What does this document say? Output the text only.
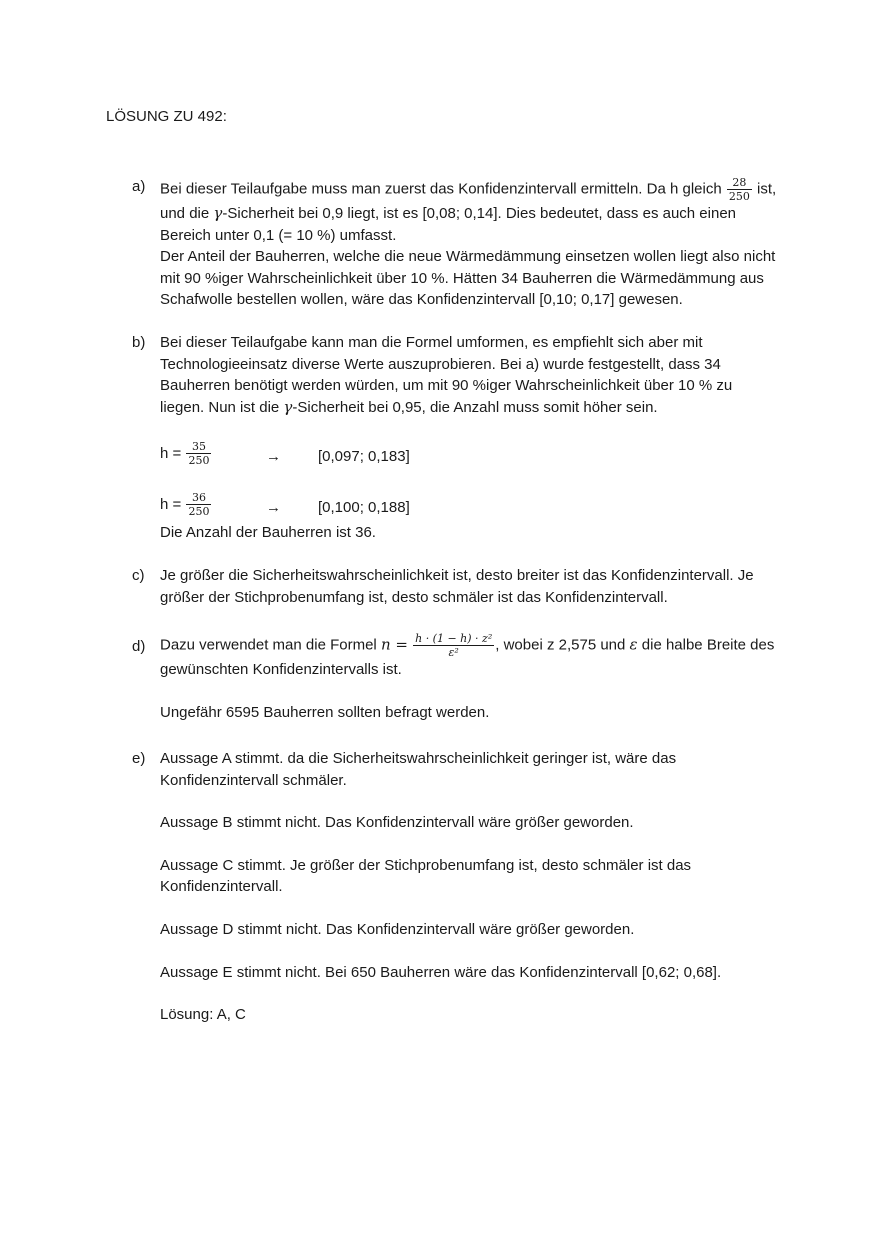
LÖSUNG ZU 492:
a) Bei dieser Teilaufgabe muss man zuerst das Konfidenzintervall ermitteln. Da h gleich $\frac{28}{250}$ ist,

und die γ-Sicherheit bei 0,9 liegt, ist es [0,08; 0,14]. Dies bedeutet, dass es auch einen

Bereich unter 0,1 (= 10 %) umfasst.

Der Anteil der Bauherren, welche die neue Wärmedämmung einsetzen wollen liegt also nicht

mit 90 %iger Wahrscheinlichkeit über 10 %. Hätten 34 Bauherren die Wärmedämmung aus

Schafwolle bestellen wollen, wäre das Konfidenzintervall [0,10; 0,17] gewesen.

b) Bei dieser Teilaufgabe kann man die Formel umformen, es empfiehlt sich aber mit

Technologieeinsatz diverse Werte auszuprobieren. Bei a) wurde festgestellt, dass 34

Bauherren benötigt werden würden, um mit 90 %iger Wahrscheinlichkeit über 10 % zu

liegen. Nun ist die γ-Sicherheit bei 0,95, die Anzahl muss somit höher sein.

$h = \frac{35}{250}$	→ [0,097; 0,183]
$h = \frac{36}{250}$	→ [0,100; 0,188]

Die Anzahl der Bauherren ist 36.

c) Je größer die Sicherheitswahrscheinlichkeit ist, desto breiter ist das Konfidenzintervall. Je

größer der Stichprobenumfang ist, desto schmäler ist das Konfidenzintervall.

d) Dazu verwendet man die Formel $n = \frac{\text{h · (1 − h) · z²}}{\text{ε²}}$ , wobei z 2,575 und ε die halbe Breite des

gewünschten Konfidenzintervalls ist.

Ungefähr 6595 Bauherren sollten befragt werden.

e) Aussage A stimmt. da die Sicherheitswahrscheinlichkeit geringer ist, wäre das

Konfidenzintervall schmäler.

Aussage B stimmt nicht. Das Konfidenzintervall wäre größer geworden.

Aussage C stimmt. Je größer der Stichprobenumfang ist, desto schmäler ist das

Konfidenzintervall.

Aussage D stimmt nicht. Das Konfidenzintervall wäre größer geworden.

Aussage E stimmt nicht. Bei 650 Bauherren wäre das Konfidenzintervall [0,62; 0,68].

Lösung: A, C
